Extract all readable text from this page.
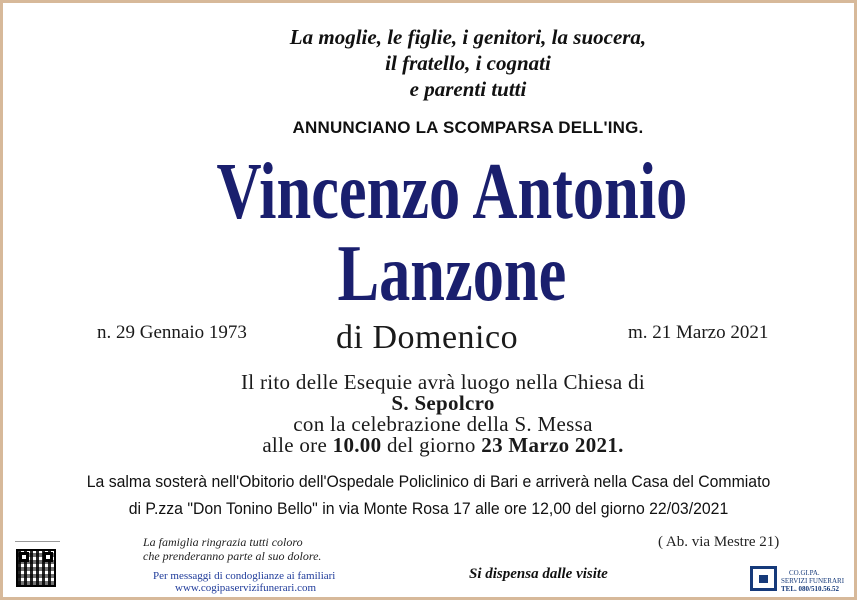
La moglie, le figlie, i genitori, la suocera,

il fratello, i cognati

e parenti tutti

ANNUNCIANO LA SCOMPARSA DELL'ING.

Vincenzo Antonio

Lanzone

n. 29 Gennaio 1973	di Domenico	m. 21 Marzo 2021

Il rito delle Esequie avrà luogo nella Chiesa di

S. Sepolcro

con la celebrazione della S. Messa

alle ore 10.00 del giorno 23 Marzo 2021.

La salma sosterà nell'Obitorio dell'Ospedale Policlinico di Bari e arriverà nella Casa del Commiato

di P.zza "Don Tonino Bello" in via Monte Rosa 17 alle ore 12,00 del giorno 22/03/2021

La famiglia ringrazia tutti coloro

che prenderanno parte al suo dolore.

Per messaggi di condoglianze ai familiari

www.cogipaservizifunerari.com

( Ab. via Mestre 21)

Si dispensa dalle visite	CO.GI.PA.
SERVIZI FUNERARI
TEL. 080/510.56.52
